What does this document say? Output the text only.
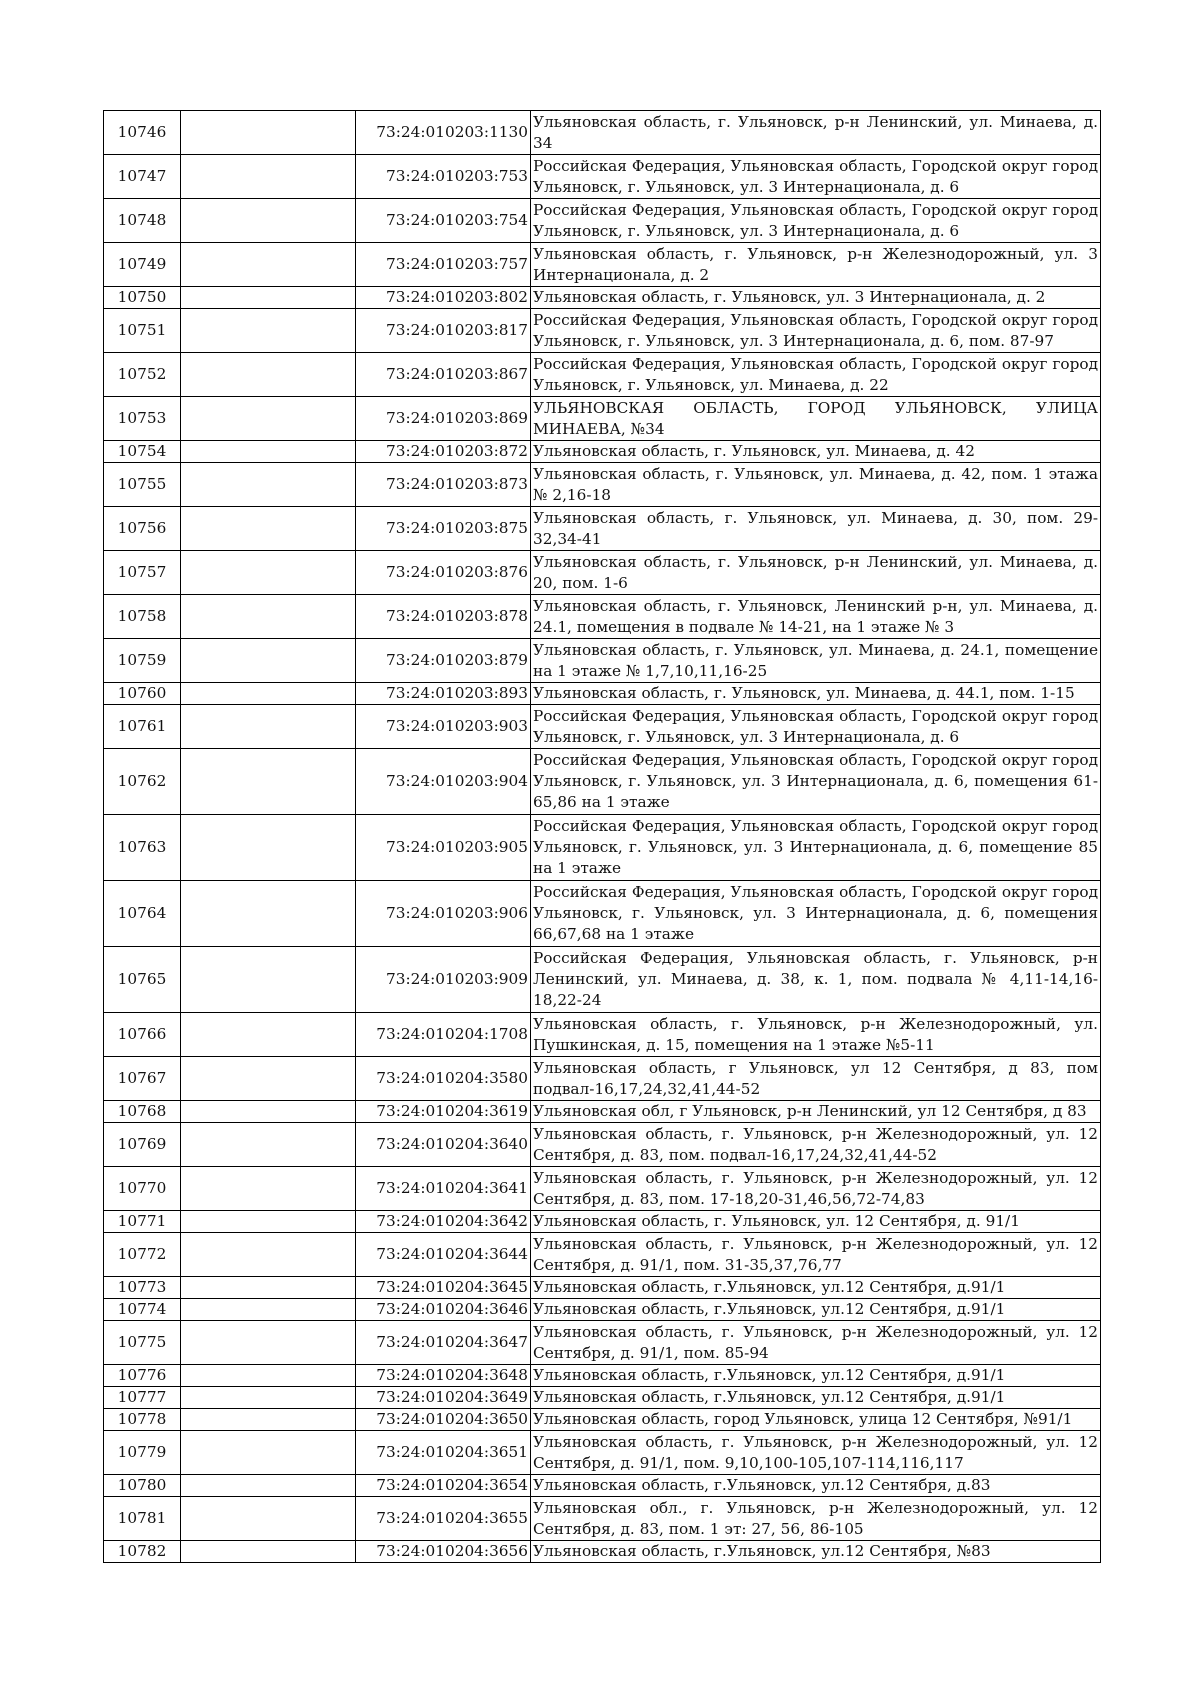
10746		73:24:010203:1130	Ульяновская область, г. Ульяновск, р-н Ленинский, ул. Минаева, д. 34
10747		73:24:010203:753	Российская Федерация, Ульяновская область, Городской округ город Ульяновск, г. Ульяновск, ул. 3 Интернационала, д. 6
10748		73:24:010203:754	Российская Федерация, Ульяновская область, Городской округ город Ульяновск, г. Ульяновск, ул. 3 Интернационала, д. 6
10749		73:24:010203:757	Ульяновская область, г. Ульяновск, р-н Железнодорожный, ул. 3 Интернационала, д. 2
10750		73:24:010203:802	Ульяновская область, г. Ульяновск, ул. 3 Интернационала, д. 2
10751		73:24:010203:817	Российская Федерация, Ульяновская область, Городской округ город Ульяновск, г. Ульяновск, ул. 3 Интернационала, д. 6, пом. 87-97
10752		73:24:010203:867	Российская Федерация, Ульяновская область, Городской округ город Ульяновск, г. Ульяновск, ул. Минаева, д. 22
10753		73:24:010203:869	УЛЬЯНОВСКАЯ ОБЛАСТЬ, ГОРОД УЛЬЯНОВСК, УЛИЦА МИНАЕВА, №34
10754		73:24:010203:872	Ульяновская область, г. Ульяновск, ул. Минаева, д. 42
10755		73:24:010203:873	Ульяновская область, г. Ульяновск, ул. Минаева, д. 42, пом. 1 этажа № 2,16-18
10756		73:24:010203:875	Ульяновская область, г. Ульяновск, ул. Минаева, д. 30, пом. 29-32,34-41
10757		73:24:010203:876	Ульяновская область, г. Ульяновск, р-н Ленинский, ул. Минаева, д. 20, пом. 1-6
10758		73:24:010203:878	Ульяновская область, г. Ульяновск, Ленинский р-н, ул. Минаева, д. 24.1, помещения в подвале № 14-21, на 1 этаже № 3
10759		73:24:010203:879	Ульяновская область, г. Ульяновск, ул. Минаева, д. 24.1, помещение на 1 этаже № 1,7,10,11,16-25
10760		73:24:010203:893	Ульяновская область, г. Ульяновск, ул. Минаева, д. 44.1, пом. 1-15
10761		73:24:010203:903	Российская Федерация, Ульяновская область, Городской округ город Ульяновск, г. Ульяновск, ул. 3 Интернационала, д. 6
10762		73:24:010203:904	Российская Федерация, Ульяновская область, Городской округ город Ульяновск, г. Ульяновск, ул. 3 Интернационала, д. 6, помещения 61-65,86 на 1 этаже
10763		73:24:010203:905	Российская Федерация, Ульяновская область, Городской округ город Ульяновск, г. Ульяновск, ул. 3 Интернационала, д. 6, помещение 85 на 1 этаже
10764		73:24:010203:906	Российская Федерация, Ульяновская область, Городской округ город Ульяновск, г. Ульяновск, ул. 3 Интернационала, д. 6, помещения 66,67,68 на 1 этаже
10765		73:24:010203:909	Российская Федерация, Ульяновская область, г. Ульяновск, р-н Ленинский, ул. Минаева, д. 38, к. 1, пом. подвала № 4,11-14,16-18,22-24
10766		73:24:010204:1708	Ульяновская область, г. Ульяновск, р-н Железнодорожный, ул. Пушкинская, д. 15, помещения на 1 этаже №5-11
10767		73:24:010204:3580	Ульяновская область, г Ульяновск, ул 12 Сентября, д 83, пом подвал-16,17,24,32,41,44-52
10768		73:24:010204:3619	Ульяновская обл, г Ульяновск, р-н Ленинский, ул 12 Сентября, д 83
10769		73:24:010204:3640	Ульяновская область, г. Ульяновск, р-н Железнодорожный, ул. 12 Сентября, д. 83, пом. подвал-16,17,24,32,41,44-52
10770		73:24:010204:3641	Ульяновская область, г. Ульяновск, р-н Железнодорожный, ул. 12 Сентября, д. 83, пом. 17-18,20-31,46,56,72-74,83
10771		73:24:010204:3642	Ульяновская область, г. Ульяновск, ул. 12 Сентября, д. 91/1
10772		73:24:010204:3644	Ульяновская область, г. Ульяновск, р-н Железнодорожный, ул. 12 Сентября, д. 91/1, пом. 31-35,37,76,77
10773		73:24:010204:3645	Ульяновская область, г.Ульяновск, ул.12 Сентября, д.91/1
10774		73:24:010204:3646	Ульяновская область, г.Ульяновск, ул.12 Сентября, д.91/1
10775		73:24:010204:3647	Ульяновская область, г. Ульяновск, р-н Железнодорожный, ул. 12 Сентября, д. 91/1, пом. 85-94
10776		73:24:010204:3648	Ульяновская область, г.Ульяновск, ул.12 Сентября, д.91/1
10777		73:24:010204:3649	Ульяновская область, г.Ульяновск, ул.12 Сентября, д.91/1
10778		73:24:010204:3650	Ульяновская область, город Ульяновск, улица 12 Сентября, №91/1
10779		73:24:010204:3651	Ульяновская область, г. Ульяновск, р-н Железнодорожный, ул. 12 Сентября, д. 91/1, пом. 9,10,100-105,107-114,116,117
10780		73:24:010204:3654	Ульяновская область, г.Ульяновск, ул.12 Сентября, д.83
10781		73:24:010204:3655	Ульяновская обл., г. Ульяновск, р-н Железнодорожный, ул. 12 Сентября, д. 83, пом. 1 эт: 27, 56, 86-105
10782		73:24:010204:3656	Ульяновская область, г.Ульяновск, ул.12 Сентября, №83
